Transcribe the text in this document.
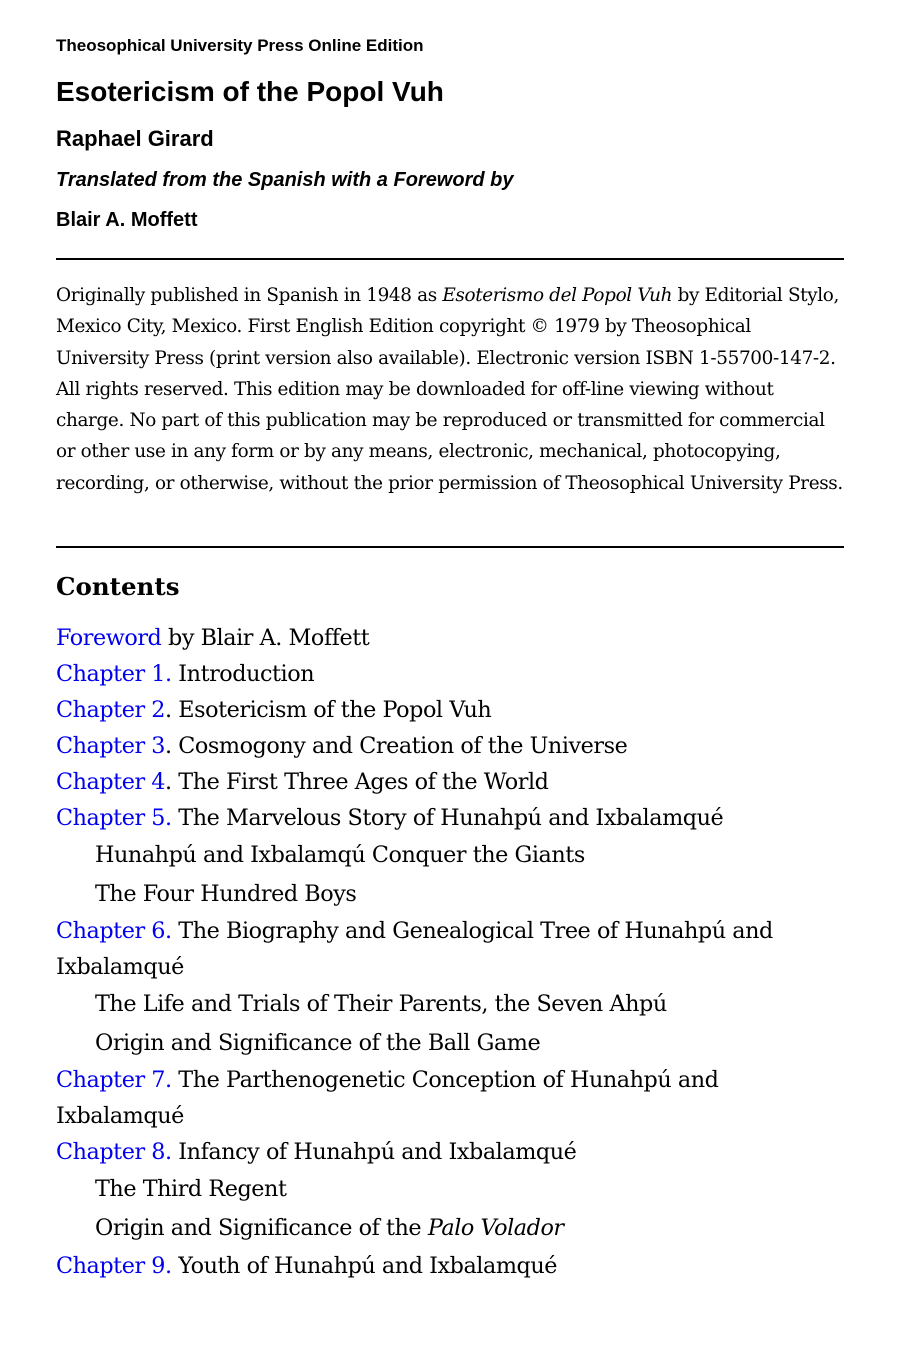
Theosophical University Press Online Edition
Esotericism of the Popol Vuh
Raphael Girard
Translated from the Spanish with a Foreword by
Blair A. Moffett
Originally published in Spanish in 1948 as Esoterismo del Popol Vuh by Editorial Stylo, Mexico City, Mexico. First English Edition copyright © 1979 by Theosophical University Press (print version also available). Electronic version ISBN 1-55700-147-2. All rights reserved. This edition may be downloaded for off-line viewing without charge. No part of this publication may be reproduced or transmitted for commercial or other use in any form or by any means, electronic, mechanical, photocopying, recording, or otherwise, without the prior permission of Theosophical University Press.
Contents
Foreword by Blair A. Moffett
Chapter 1. Introduction
Chapter 2. Esotericism of the Popol Vuh
Chapter 3. Cosmogony and Creation of the Universe
Chapter 4. The First Three Ages of the World
Chapter 5. The Marvelous Story of Hunahpú and Ixbalamqué
Hunahpú and Ixbalamqú Conquer the Giants
The Four Hundred Boys
Chapter 6. The Biography and Genealogical Tree of Hunahpú and Ixbalamqué
The Life and Trials of Their Parents, the Seven Ahpú
Origin and Significance of the Ball Game
Chapter 7. The Parthenogenetic Conception of Hunahpú and Ixbalamqué
Chapter 8. Infancy of Hunahpú and Ixbalamqué
The Third Regent
Origin and Significance of the Palo Volador
Chapter 9. Youth of Hunahpú and Ixbalamqué
